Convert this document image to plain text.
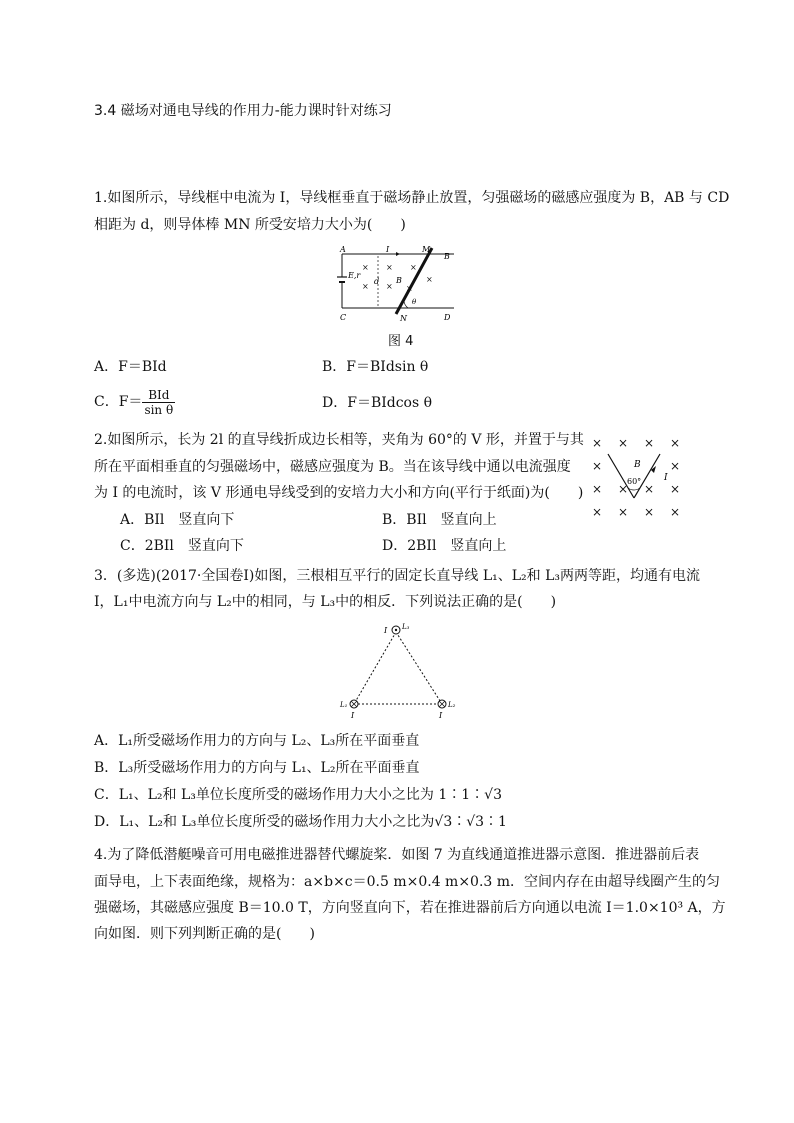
3.4 磁场对通电导线的作用力-能力课时针对练习
1.如图所示，导线框中电流为 I，导线框垂直于磁场静止放置，匀强磁场的磁感应强度为 B，AB 与 CD
相距为 d，则导体棒 MN 所受安培力大小为(　　)
A
B
C	D
M
N
I
E,r
d B
θ
× × ×
× × ×
×
图 4
A．F＝BId	B．F＝BIdsin θ
C．$F= \frac{\text{BId}}{\text{sin θ}}$	D．F＝BIdcos θ
2.如图所示，长为 2l 的直导线折成边长相等，夹角为 60°的 V 形，并置于与其
所在平面相垂直的匀强磁场中，磁感应强度为 B。当在该导线中通以电流强度
为 I 的电流时，该 V 形通电导线受到的安培力大小和方向(平行于纸面)为(　　)
× × × ×
×	×
× × × ×
× × × ×
B
I
60°
A．BIl　竖直向下	B．BIl　竖直向上
C．2BIl　竖直向下	D．2BIl　竖直向上
3．(多选)(2017·全国卷Ⅰ)如图，三根相互平行的固定长直导线 L₁、L₂和 L₃两两等距，均通有电流
I，L₁中电流方向与 L₂中的相同，与 L₃中的相反．下列说法正确的是(　　)
I L₃
L₁
I
L₂
I
A．L₁所受磁场作用力的方向与 L₂、L₃所在平面垂直
B．L₃所受磁场作用力的方向与 L₁、L₂所在平面垂直
C．L₁、L₂和 L₃单位长度所受的磁场作用力大小之比为 1∶1∶√3
D．L₁、L₂和 L₃单位长度所受的磁场作用力大小之比为√3∶√3∶1
4.为了降低潜艇噪音可用电磁推进器替代螺旋桨．如图 7 为直线通道推进器示意图．推进器前后表
面导电，上下表面绝缘，规格为：a×b×c＝0.5 m×0.4 m×0.3 m．空间内存在由超导线圈产生的匀
强磁场，其磁感应强度 B＝10.0 T，方向竖直向下，若在推进器前后方向通以电流 I＝1.0×10³ A，方
向如图．则下列判断正确的是(　　)
